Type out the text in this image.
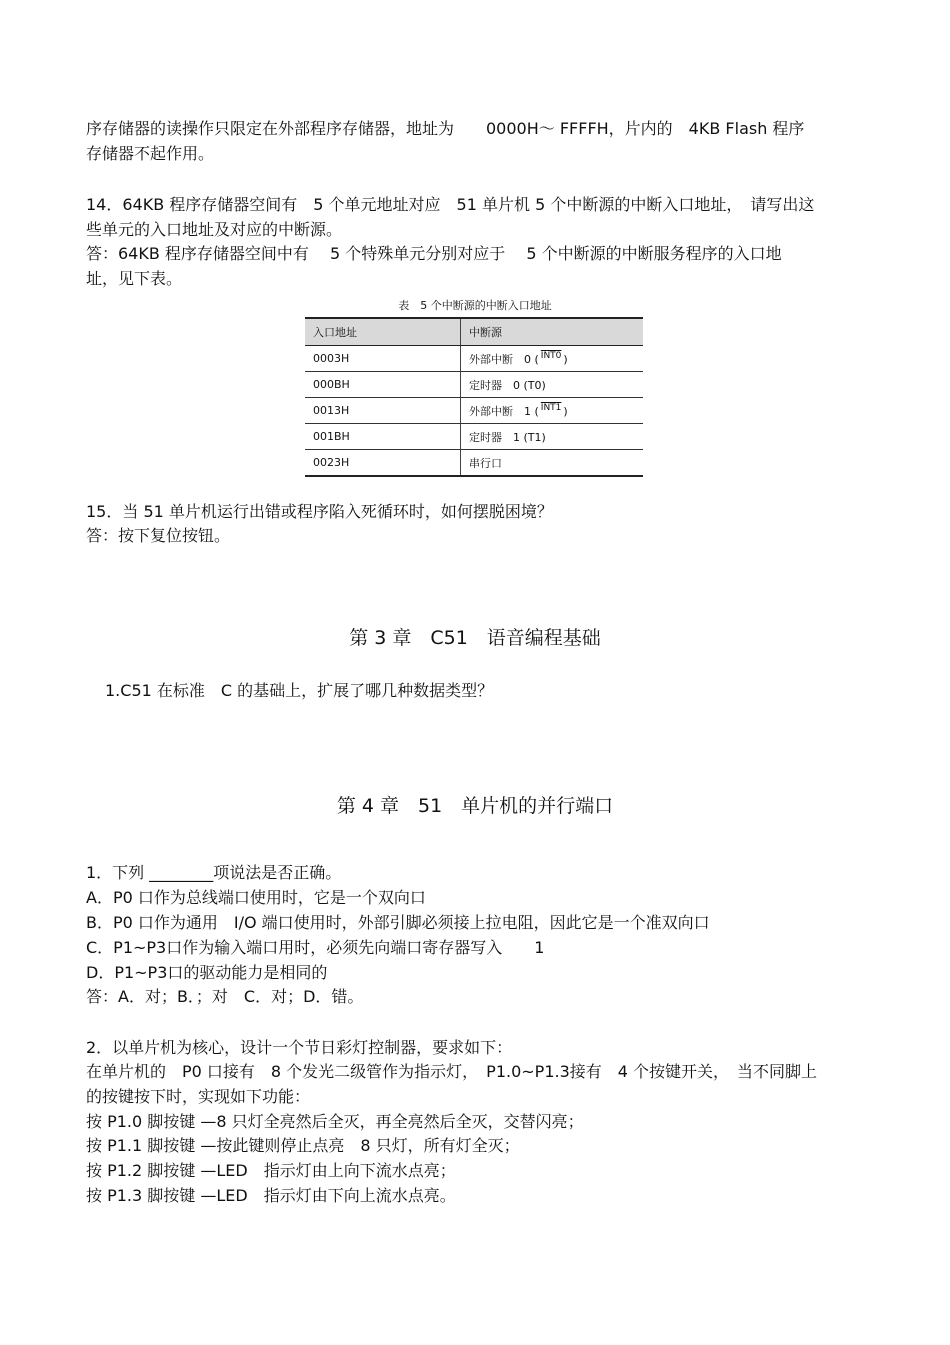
序存储器的读操作只限定在外部程序存储器，地址为　　0000H～ FFFFH，片内的　4KB Flash 程序
存储器不起作用。
14．64KB 程序存储器空间有　5 个单元地址对应　51 单片机 5 个中断源的中断入口地址，　请写出这
些单元的入口地址及对应的中断源。
答：64KB 程序存储器空间中有　 5 个特殊单元分别对应于　 5 个中断源的中断服务程序的入口地
址，见下表。
表　5 个中断源的中断入口地址
入口地址	中断源
0003H	外部中断　0 ( $^{INT0}$ )
000BH	定时器　0 (T0)
0013H	外部中断　1 ( $^{INT1}$ )
001BH	定时器　1 (T1)
0023H	串行口
15．当 51 单片机运行出错或程序陷入死循环时，如何摆脱困境？
答：按下复位按钮。
第 3 章　C51　语音编程基础
1.C51 在标准　C 的基础上，扩展了哪几种数据类型？
第 4 章　51　单片机的并行端口
1．下列 ________项说法是否正确。
A．P0 口作为总线端口使用时，它是一个双向口
B．P0 口作为通用　I/O 端口使用时，外部引脚必须接上拉电阻，因此它是一个准双向口
C．P1~P3口作为输入端口用时，必须先向端口寄存器写入　　1
D．P1~P3口的驱动能力是相同的
答：A．对；B．；对　C．对；D．错。
2．以单片机为核心，设计一个节日彩灯控制器，要求如下：
在单片机的　P0 口接有　8 个发光二级管作为指示灯，　P1.0~P1.3接有　4 个按键开关，　当不同脚上
的按键按下时，实现如下功能：
按 P1.0 脚按键 —8 只灯全亮然后全灭，再全亮然后全灭，交替闪亮；
按 P1.1 脚按键 —按此键则停止点亮　8 只灯，所有灯全灭；
按 P1.2 脚按键 —LED　指示灯由上向下流水点亮；
按 P1.3 脚按键 —LED　指示灯由下向上流水点亮。
